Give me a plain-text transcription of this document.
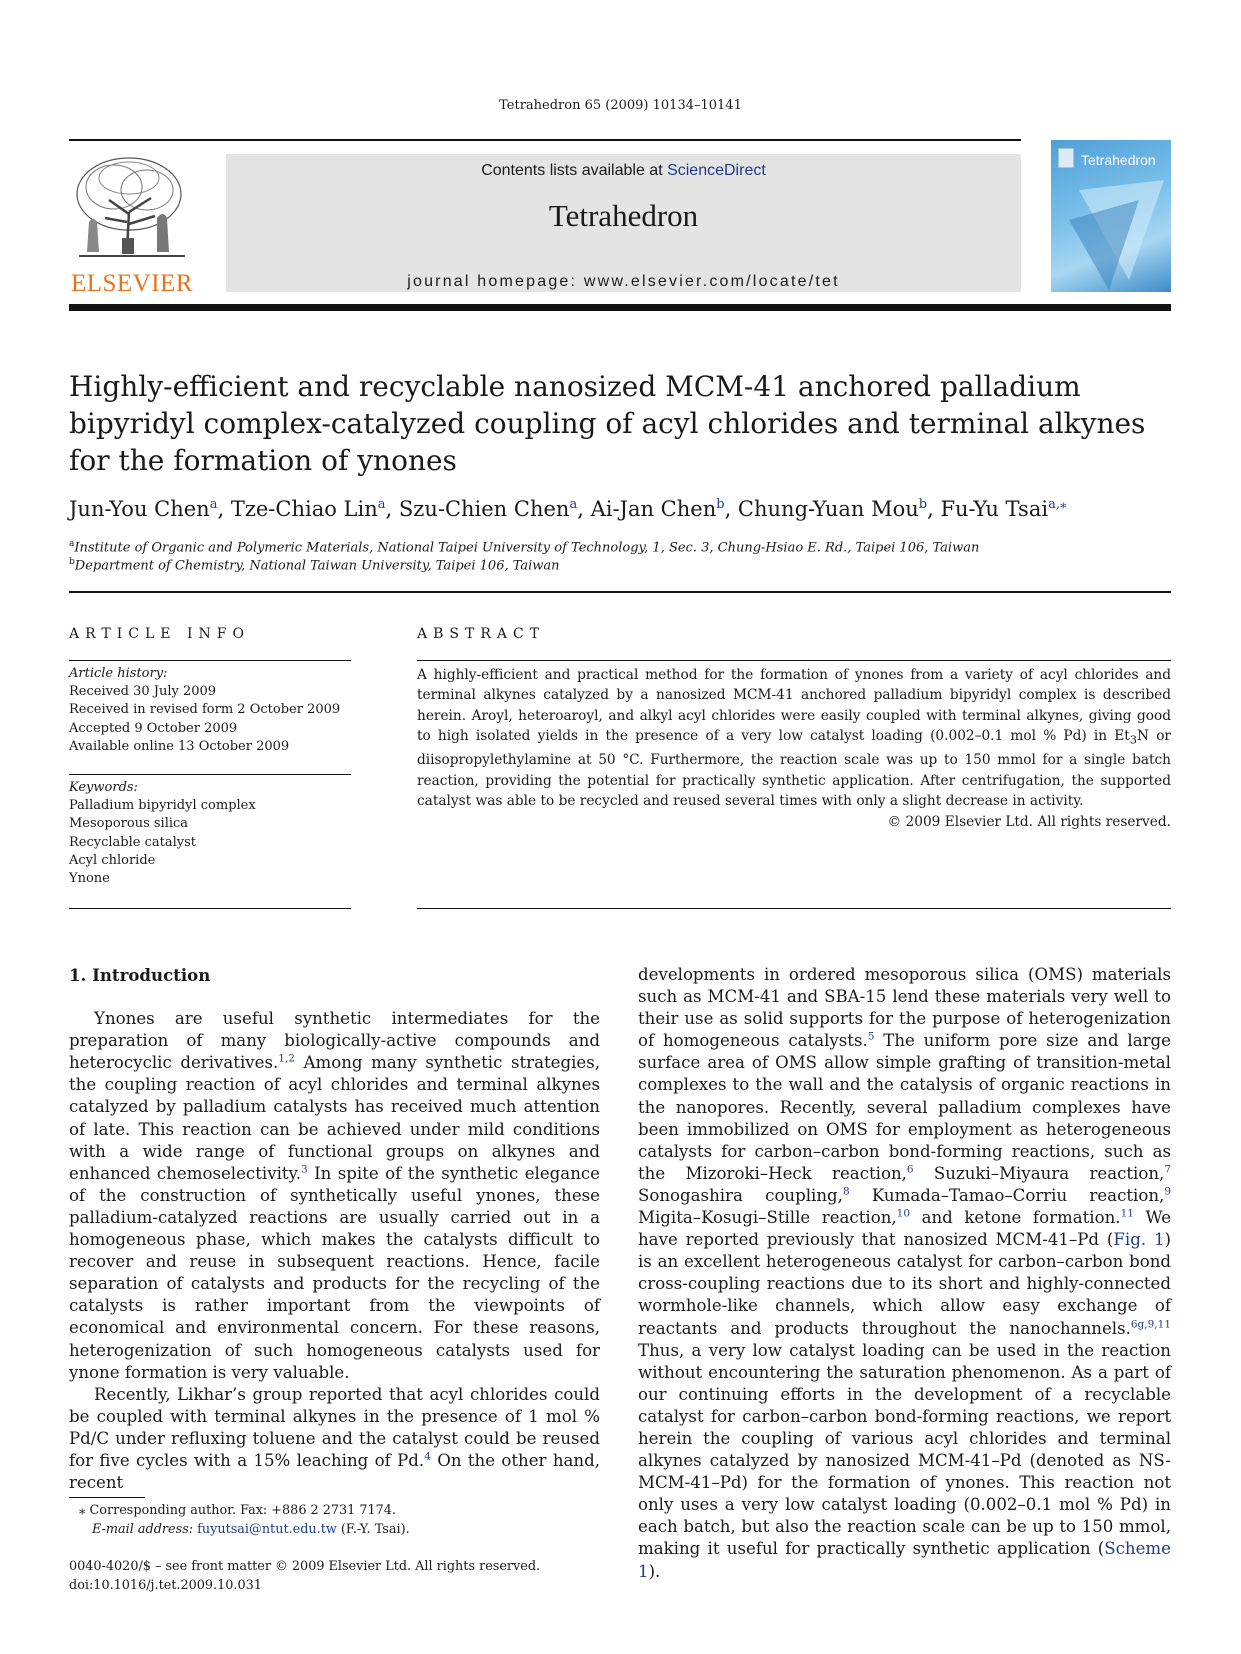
Tetrahedron 65 (2009) 10134–10141
ELSEVIER
Contents lists available at ScienceDirect
Tetrahedron
journal homepage: www.elsevier.com/locate/tet
Tetrahedron
Highly-efficient and recyclable nanosized MCM-41 anchored palladium bipyridyl complex-catalyzed coupling of acyl chlorides and terminal alkynes for the formation of ynones
Jun-You Chen$^a$, Tze-Chiao Lin$^a$, Szu-Chien Chen$^a$, Ai-Jan Chen$^b$, Chung-Yuan Mou$^b$, Fu-Yu Tsai$^{a,⁎}$
$^a$Institute of Organic and Polymeric Materials, National Taipei University of Technology, 1, Sec. 3, Chung-Hsiao E. Rd., Taipei 106, Taiwan
$^b$Department of Chemistry, National Taiwan University, Taipei 106, Taiwan
ARTICLE INFO	ABSTRACT
Article history:
Received 30 July 2009
Received in revised form 2 October 2009
Accepted 9 October 2009
Available online 13 October 2009
Keywords:
Palladium bipyridyl complex
Mesoporous silica
Recyclable catalyst
Acyl chloride
Ynone
A highly-efficient and practical method for the formation of ynones from a variety of acyl chlorides and terminal alkynes catalyzed by a nanosized MCM-41 anchored palladium bipyridyl complex is described herein. Aroyl, heteroaroyl, and alkyl acyl chlorides were easily coupled with terminal alkynes, giving good to high isolated yields in the presence of a very low catalyst loading (0.002–0.1 mol % Pd) in $Et_3N$ or diisopropylethylamine at 50 °C. Furthermore, the reaction scale was up to 150 mmol for a single batch reaction, providing the potential for practically synthetic application. After centrifugation, the supported catalyst was able to be recycled and reused several times with only a slight decrease in activity.
© 2009 Elsevier Ltd. All rights reserved.
1. Introduction

Ynones are useful synthetic intermediates for the preparation of many biologically-active compounds and heterocyclic derivatives.$^{1,2}$ Among many synthetic strategies, the coupling reaction of acyl chlorides and terminal alkynes catalyzed by palladium catalysts has received much attention of late. This reaction can be achieved under mild conditions with a wide range of functional groups on alkynes and enhanced chemoselectivity.$^3$ In spite of the synthetic elegance of the construction of synthetically useful ynones, these palladium-catalyzed reactions are usually carried out in a homogeneous phase, which makes the catalysts difficult to recover and reuse in subsequent reactions. Hence, facile separation of catalysts and products for the recycling of the catalysts is rather important from the viewpoints of economical and environmental concern. For these reasons, heterogenization of such homogeneous catalysts used for ynone formation is very valuable.

Recently, Likhar’s group reported that acyl chlorides could be coupled with terminal alkynes in the presence of 1 mol % Pd/C under refluxing toluene and the catalyst could be reused for five cycles with a 15% leaching of Pd.$^4$ On the other hand, recent

developments in ordered mesoporous silica (OMS) materials such as MCM-41 and SBA-15 lend these materials very well to their use as solid supports for the purpose of heterogenization of homogeneous catalysts.$^5$ The uniform pore size and large surface area of OMS allow simple grafting of transition-metal complexes to the wall and the catalysis of organic reactions in the nanopores. Recently, several palladium complexes have been immobilized on OMS for employment as heterogeneous catalysts for carbon–carbon bond-forming reactions, such as the Mizoroki–Heck reaction,$^6$ Suzuki–Miyaura reaction,$^7$ Sonogashira coupling,$^8$ Kumada–Tamao–Corriu reaction,$^9$ Migita–Kosugi–Stille reaction,$^{10}$ and ketone formation.$^{11}$ We have reported previously that nanosized MCM-41–Pd (Fig. 1) is an excellent heterogeneous catalyst for carbon–carbon bond cross-coupling reactions due to its short and highly-connected wormhole-like channels, which allow easy exchange of reactants and products throughout the nanochannels.$^{6g,9,11}$ Thus, a very low catalyst loading can be used in the reaction without encountering the saturation phenomenon. As a part of our continuing efforts in the development of a recyclable catalyst for carbon–carbon bond-forming reactions, we report herein the coupling of various acyl chlorides and terminal alkynes catalyzed by nanosized MCM-41–Pd (denoted as NS-MCM-41–Pd) for the formation of ynones. This reaction not only uses a very low catalyst loading (0.002–0.1 mol % Pd) in each batch, but also the reaction scale can be up to 150 mmol, making it useful for practically synthetic application (Scheme 1).

⁎ Corresponding author. Fax: +886 2 2731 7174.
E-mail address: fuyutsai@ntut.edu.tw (F.-Y. Tsai).
0040-4020/$ – see front matter © 2009 Elsevier Ltd. All rights reserved.
doi:10.1016/j.tet.2009.10.031
